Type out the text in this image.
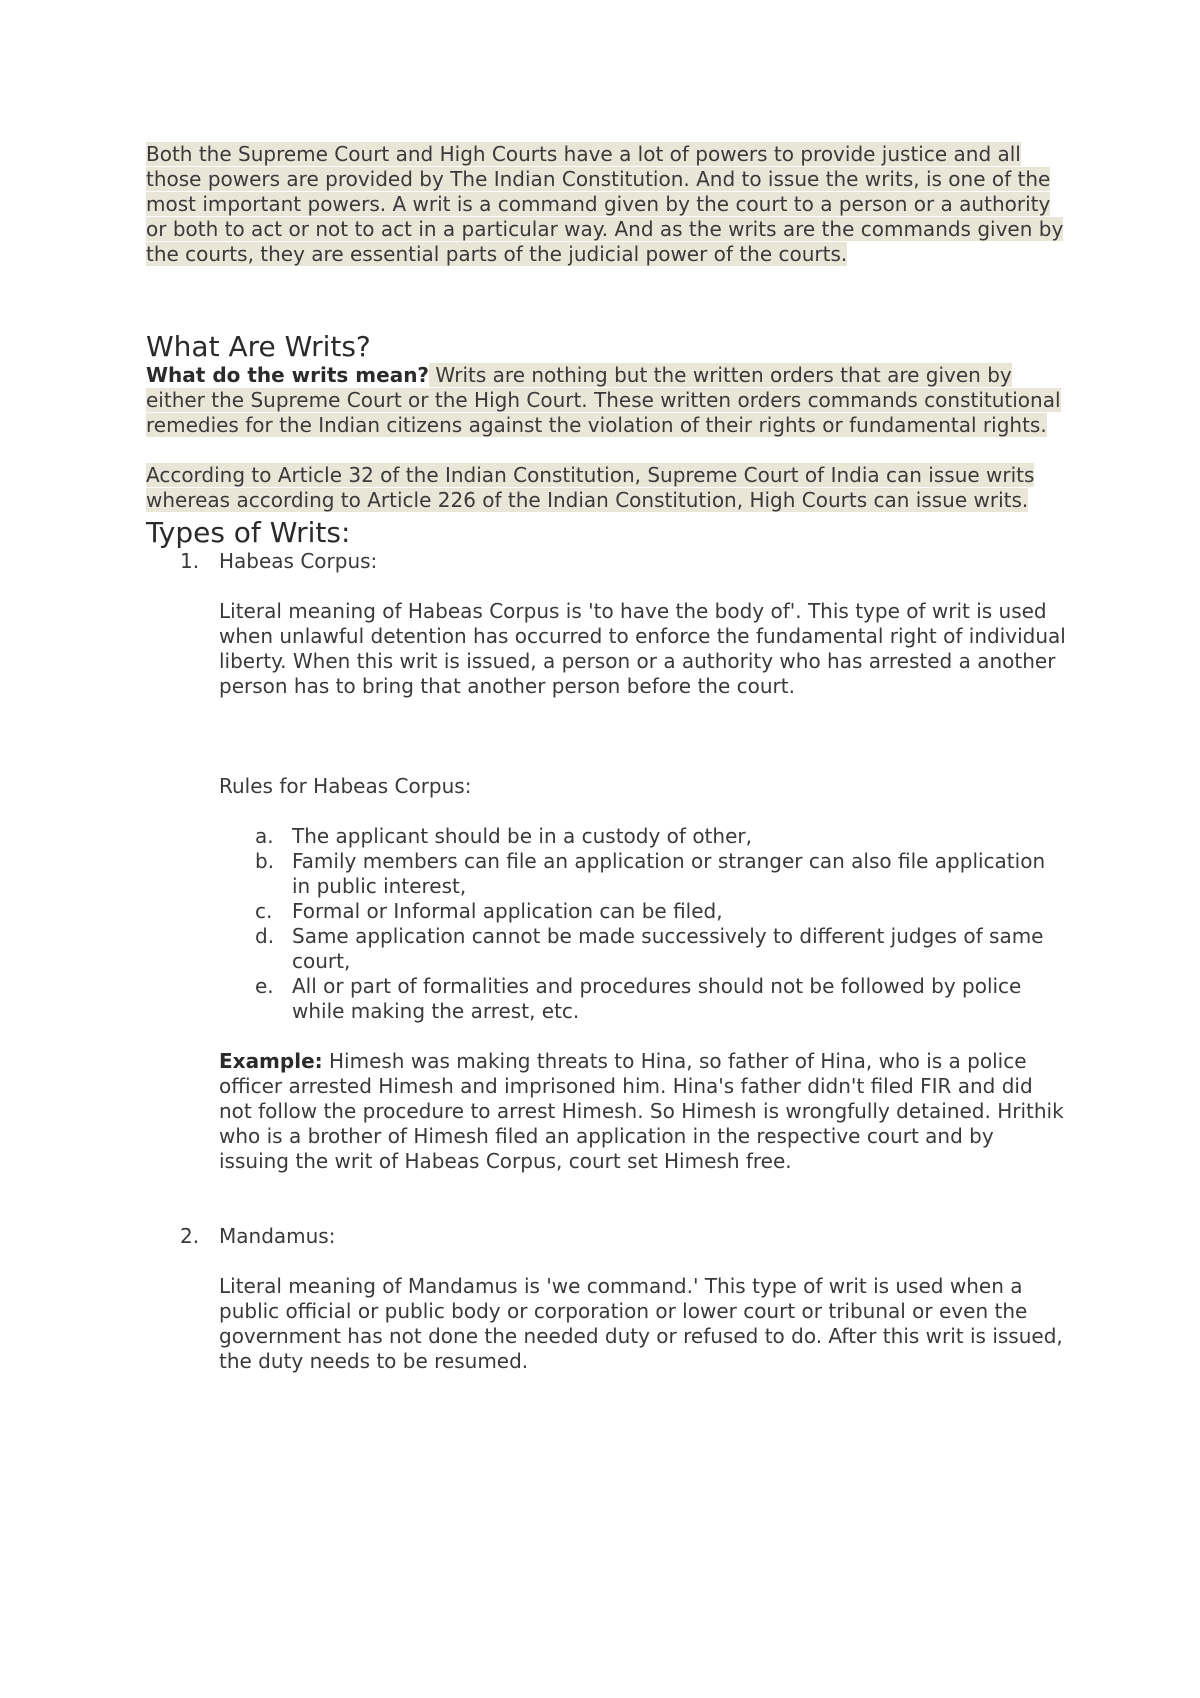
Both the Supreme Court and High Courts have a lot of powers to provide justice and all those powers are provided by The Indian Constitution. And to issue the writs, is one of the most important powers. A writ is a command given by the court to a person or a authority or both to act or not to act in a particular way. And as the writs are the commands given by the courts, they are essential parts of the judicial power of the courts.

What Are Writs?

What do the writs mean? Writs are nothing but the written orders that are given by either the Supreme Court or the High Court. These written orders commands constitutional remedies for the Indian citizens against the violation of their rights or fundamental rights.

According to Article 32 of the Indian Constitution, Supreme Court of India can issue writs whereas according to Article 226 of the Indian Constitution, High Courts can issue writs.

Types of Writs:
1. Habeas Corpus:

Literal meaning of Habeas Corpus is 'to have the body of'. This type of writ is used when unlawful detention has occurred to enforce the fundamental right of individual liberty. When this writ is issued, a person or a authority who has arrested a another person has to bring that another person before the court.

Rules for Habeas Corpus:

a. The applicant should be in a custody of other,
b. Family members can file an application or stranger can also file application in public interest,
c. Formal or Informal application can be filed,
d. Same application cannot be made successively to different judges of same court,
e. All or part of formalities and procedures should not be followed by police while making the arrest, etc.

Example: Himesh was making threats to Hina, so father of Hina, who is a police officer arrested Himesh and imprisoned him. Hina's father didn't filed FIR and did not follow the procedure to arrest Himesh. So Himesh is wrongfully detained. Hrithik who is a brother of Himesh filed an application in the respective court and by issuing the writ of Habeas Corpus, court set Himesh free.

2. Mandamus:

Literal meaning of Mandamus is 'we command.' This type of writ is used when a public official or public body or corporation or lower court or tribunal or even the government has not done the needed duty or refused to do. After this writ is issued, the duty needs to be resumed.
